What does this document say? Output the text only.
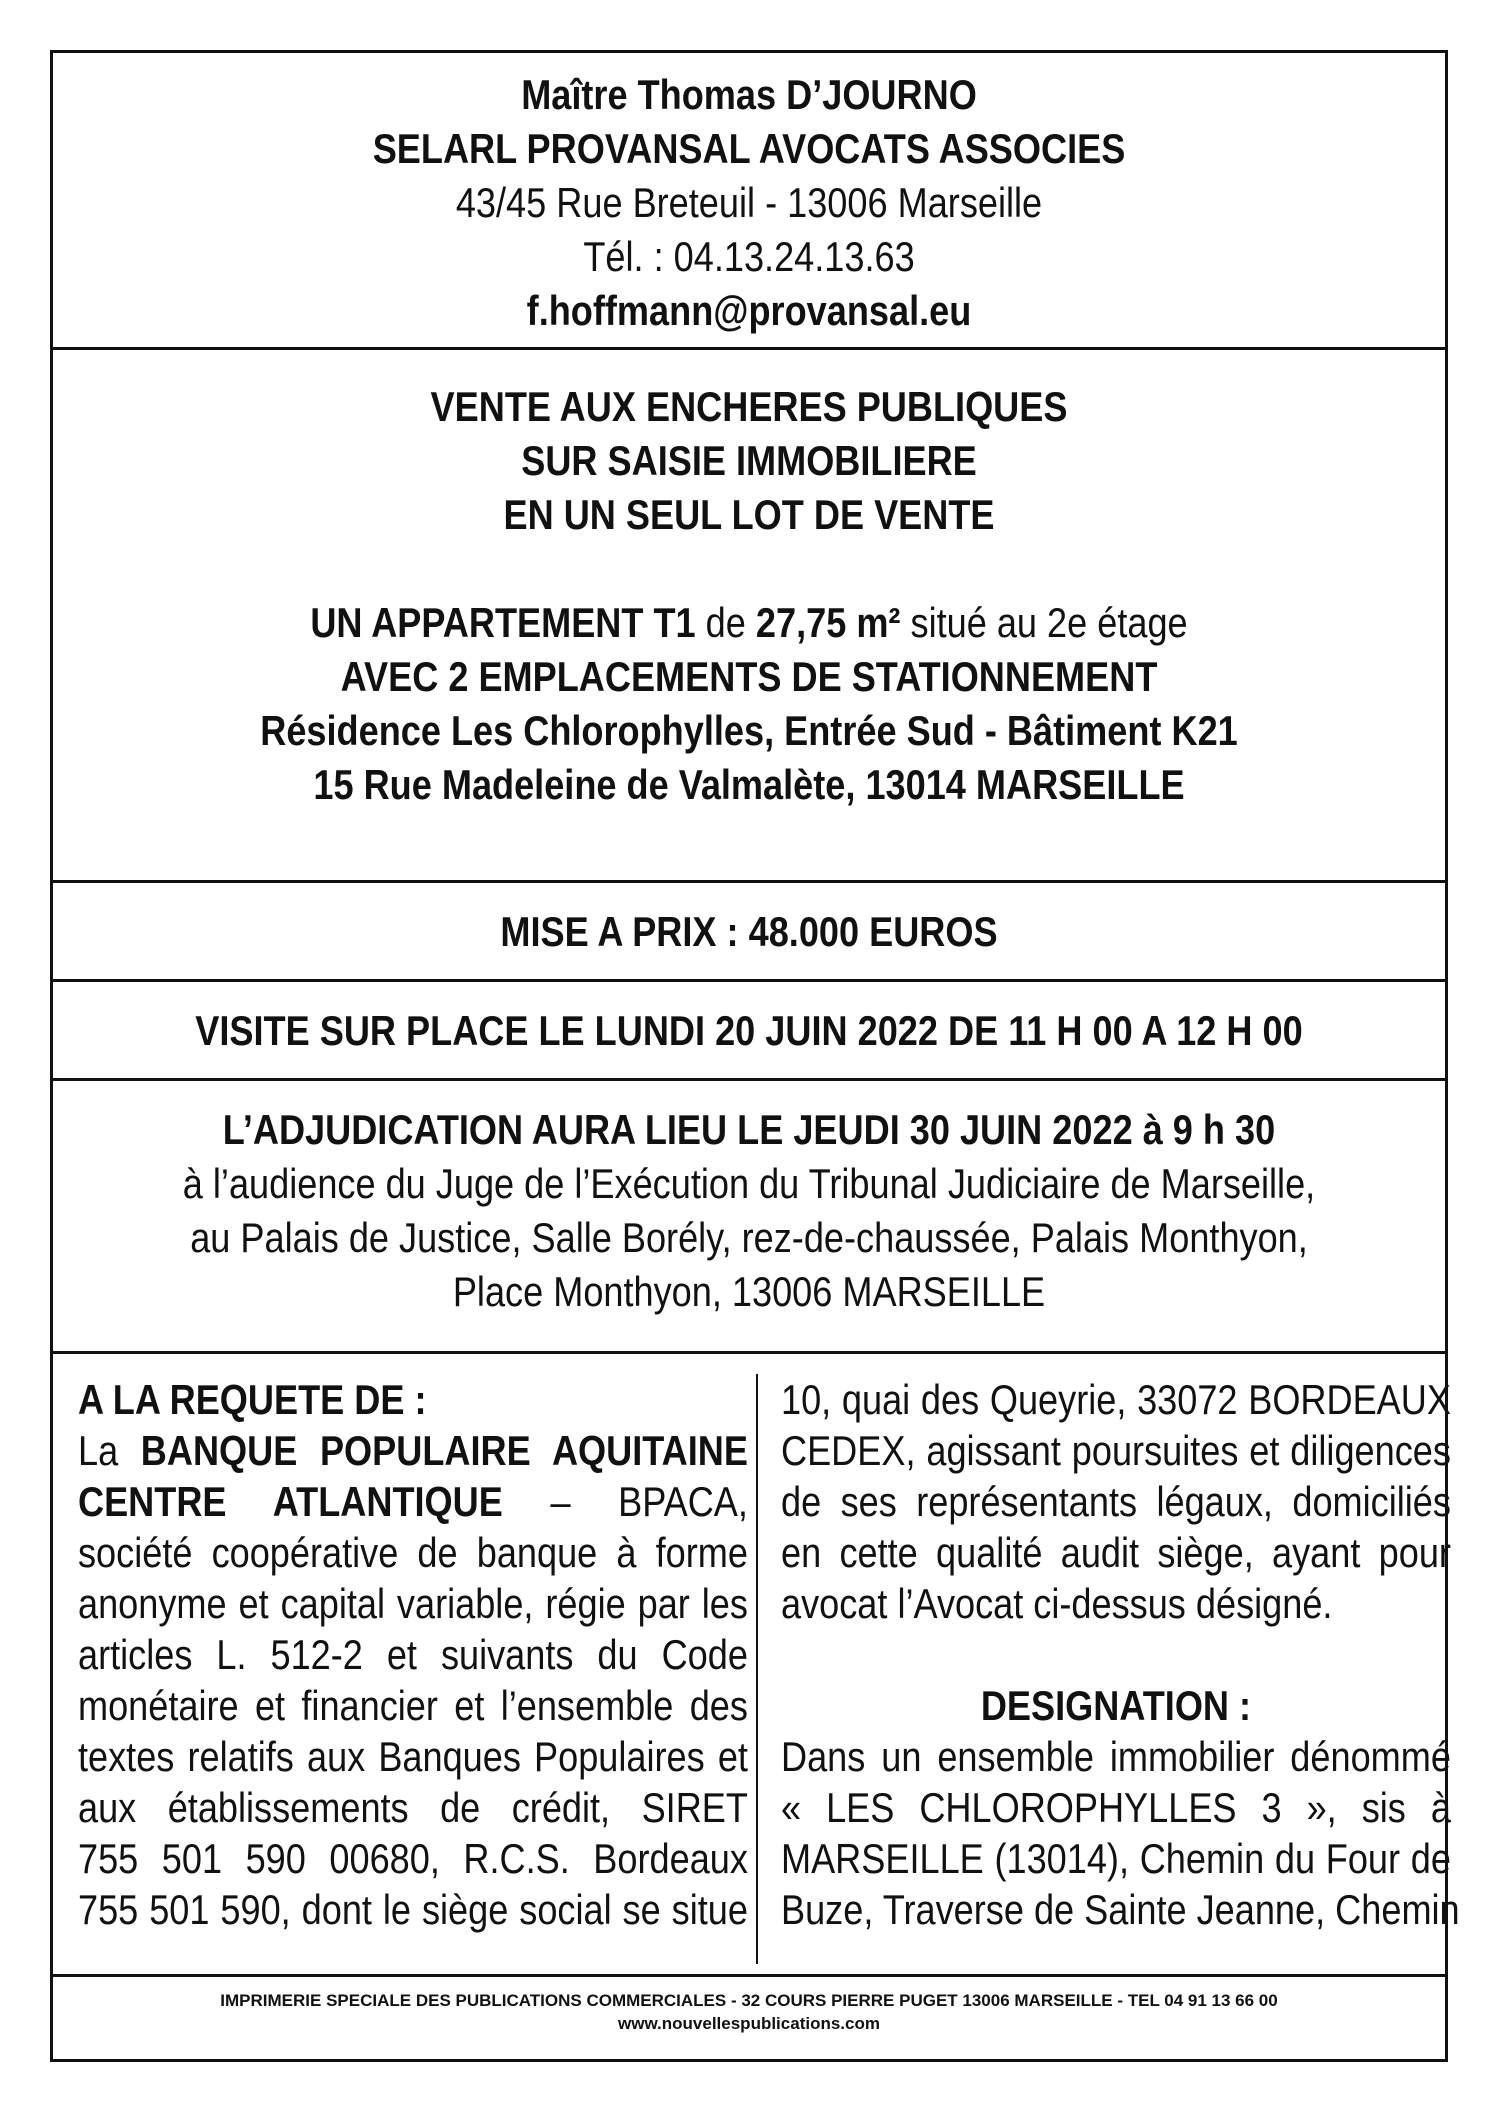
Maître Thomas D’JOURNO
SELARL PROVANSAL AVOCATS ASSOCIES
43/45 Rue Breteuil - 13006 Marseille
Tél. : 04.13.24.13.63
f.hoffmann@provansal.eu
VENTE AUX ENCHERES PUBLIQUES
SUR SAISIE IMMOBILIERE
EN UN SEUL LOT DE VENTE
UN APPARTEMENT T1 de 27,75 m² situé au 2e étage
AVEC 2 EMPLACEMENTS DE STATIONNEMENT
Résidence Les Chlorophylles, Entrée Sud - Bâtiment K21
15 Rue Madeleine de Valmalète, 13014 MARSEILLE
MISE A PRIX : 48.000 EUROS
VISITE SUR PLACE LE LUNDI 20 JUIN 2022 DE 11 H 00 A 12 H 00
L’ADJUDICATION AURA LIEU LE JEUDI 30 JUIN 2022 à 9 h 30
à l’audience du Juge de l’Exécution du Tribunal Judiciaire de Marseille,
au Palais de Justice, Salle Borély, rez-de-chaussée, Palais Monthyon,
Place Monthyon, 13006 MARSEILLE
A LA REQUETE DE :
La BANQUE POPULAIRE AQUITAINE
CENTRE ATLANTIQUE – BPACA,
société coopérative de banque à forme
anonyme et capital variable, régie par les
articles L. 512-2 et suivants du Code
monétaire et financier et l’ensemble des
textes relatifs aux Banques Populaires et
aux établissements de crédit, SIRET
755 501 590 00680, R.C.S. Bordeaux
755 501 590, dont le siège social se situe
10, quai des Queyrie, 33072 BORDEAUX
CEDEX, agissant poursuites et diligences
de ses représentants légaux, domiciliés
en cette qualité audit siège, ayant pour
avocat l’Avocat ci-dessus désigné.
DESIGNATION :
Dans un ensemble immobilier dénommé
« LES CHLOROPHYLLES 3 », sis à
MARSEILLE (13014), Chemin du Four de
Buze, Traverse de Sainte Jeanne, Chemin
IMPRIMERIE SPECIALE DES PUBLICATIONS COMMERCIALES - 32 COURS PIERRE PUGET 13006 MARSEILLE - TEL 04 91 13 66 00
www.nouvellespublications.com
